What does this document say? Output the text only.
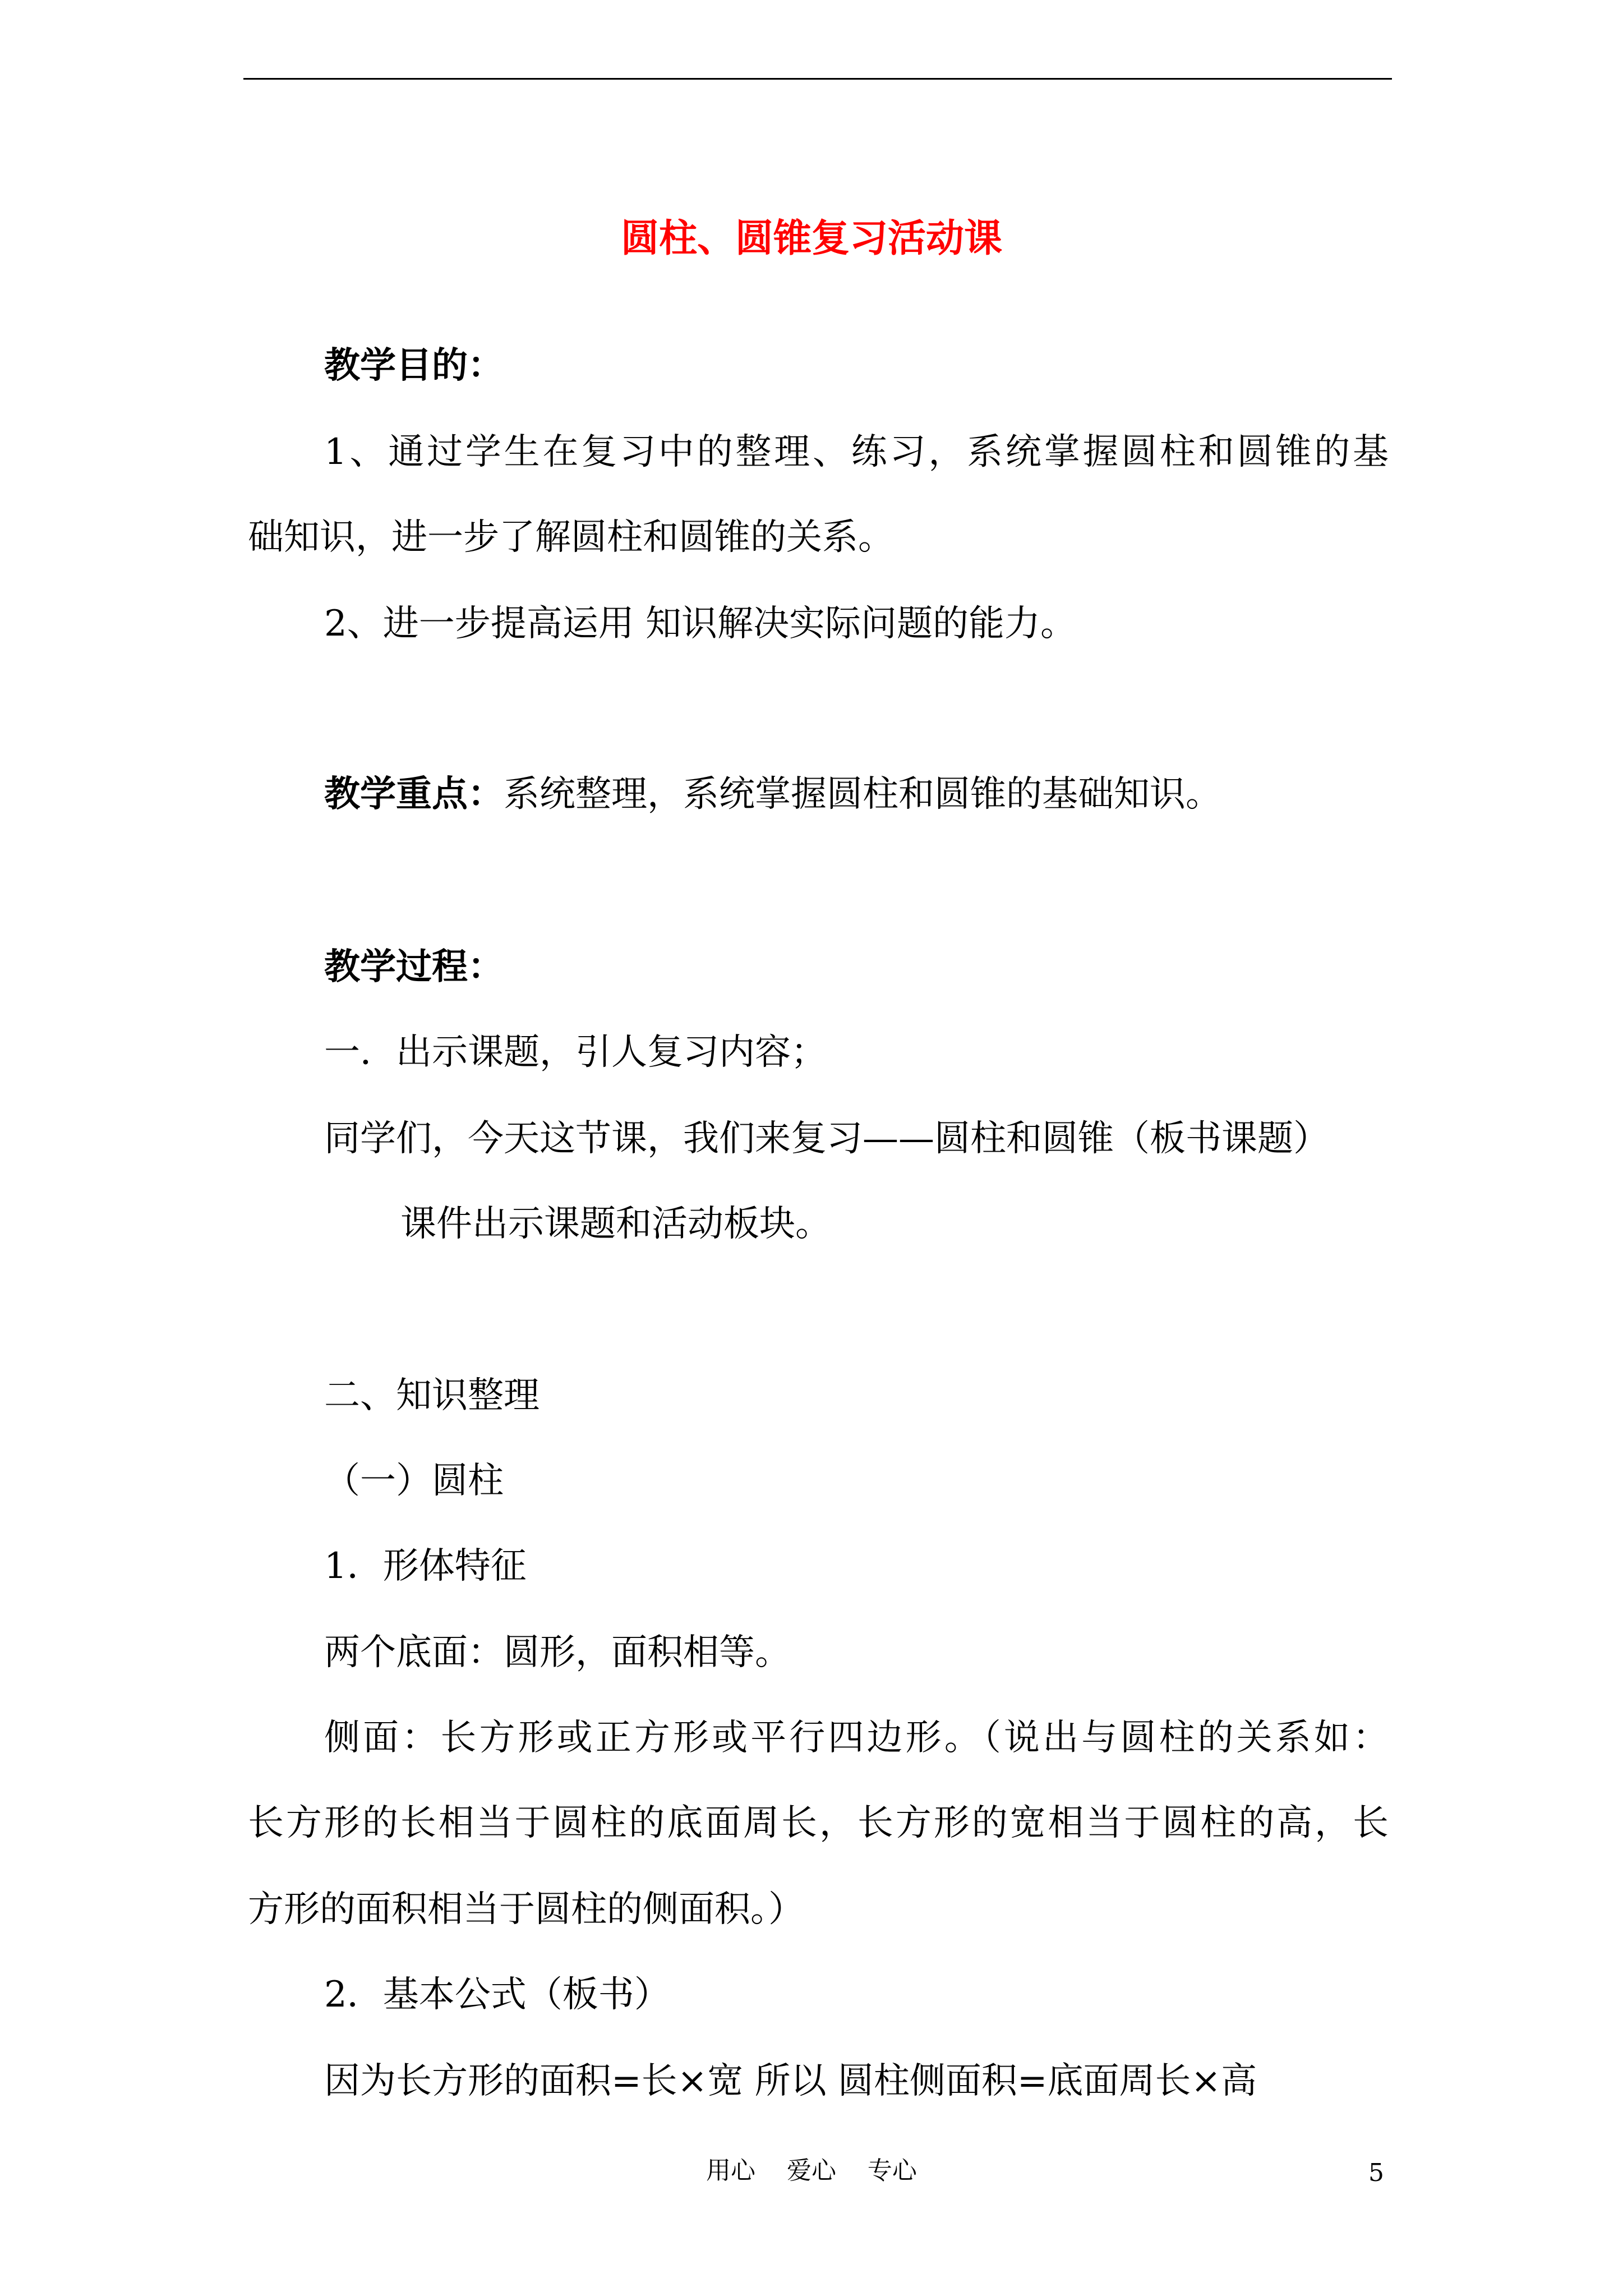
圆柱、圆锥复习活动课
教学目的：
1、通过学生在复习中的整理、练习，系统掌握圆柱和圆锥的基
础知识，进一步了解圆柱和圆锥的关系。
2、进一步提高运用 知识解决实际问题的能力。
教学重点：系统整理，系统掌握圆柱和圆锥的基础知识。
教学过程：
一．出示课题，引人复习内容；
同学们，今天这节课，我们来复习——圆柱和圆锥（板书课题）
课件出示课题和活动板块。
二、知识整理
（一）圆柱
1．形体特征
两个底面：圆形，面积相等。
侧面：长方形或正方形或平行四边形。（说出与圆柱的关系如：
长方形的长相当于圆柱的底面周长，长方形的宽相当于圆柱的高，长
方形的面积相当于圆柱的侧面积。）
2．基本公式（板书）
因为长方形的面积=长×宽 所以 圆柱侧面积=底面周长×高
用心    爱心    专心	5
